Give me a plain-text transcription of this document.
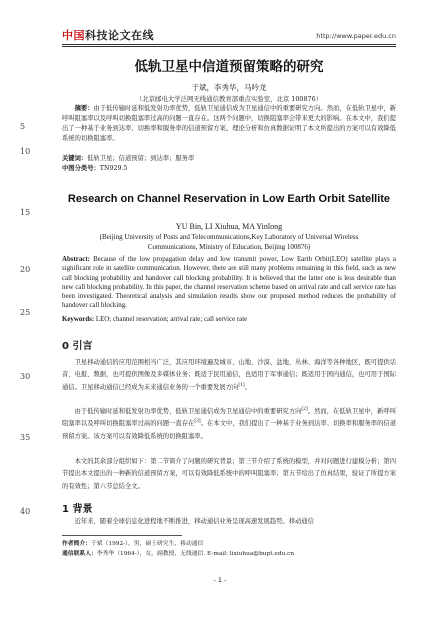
中国科技论文在线	http://www.paper.edu.cn
5
10
15
20
25
30
35
40
低轨卫星中信道预留策略的研究
于斌，李秀华，马吟龙
（北京邮电大学泛网无线通信教育部重点实验室，北京 100876）
摘要：由于低传输时延和低发射功率优势，低轨卫星通信成为卫星通信中的重要研究方向。然而，在低轨卫星中，新呼叫阻塞率以及呼叫切换阻塞率过高的问题一直存在。这两个问题中，切换阻塞率会带来更大的影响。在本文中，我们提出了一种基于业务到达率、切换率和服务率的信道预留方案。理论分析和仿真数据证明了本文所提出的方案可以有效降低系统的切换阻塞率。
关键词：低轨卫星；信道预留；到达率；服务率
中图分类号：TN929.5
Research on Channel Reservation in Low Earth Orbit Satellite
YU Bin, LI Xiuhua, MA Yinlong
(Beijing University of Posts and Telecommunications,Key Laboratory of Universal Wireless Communications, Ministry of Education, Beijing 100876)
Abstract: Because of the low propagation delay and low transmit power, Low Earth Orbit(LEO) satellite plays a significant role in satellite communication. However, there are still many problems remaining in this field, such as new call blocking probability and handover call blocking probability. It is believed that the latter one is less desirable than new call blocking probability. In this paper, the channel reservation scheme based on arrival rate and call service rate has been investigated. Theoretical analysis and simulation results show our proposed method reduces the probability of handover call blocking.
Keywords: LEO; channel reservation; arrival rate; call service rate
0 引言
卫星移动通信的应用范围相当广泛，其应用环境遍及城市、山地、沙漠、盆地、丛林、海洋等各种地区，既可提供话音、电报、数据，也可提供图像及多媒体业务；既适于民用通信，也适用于军事通信；既适用于国内通信，也可用于国际通信。卫星移动通信已经成为未来通信业务的一个重要发展方向[1]。
由于低传输时延和低发射功率优势，低轨卫星通信成为卫星通信中的重要研究方向[2]。然而，在低轨卫星中，新呼叫阻塞率以及呼叫切换阻塞率过高的问题一直存在[3]。在本文中，我们提出了一种基于业务到达率、切换率和服务率的信道预留方案。该方案可以有效降低系统的切换阻塞率。
本文的其余部分组织如下：第二节简介了问题的研究背景；第三节介绍了系统的模型，并对问题进行建模分析；第四节提出本文提出的一种新的信道预留方案，可以有效降低系统中的呼叫阻塞率；第五节给出了仿真结果，验证了所提方案的有效性；第六节总结全文。
1 背景
近年来，随着全球信息化进程地不断推进，移动通信业务呈现高速发展趋势。移动通信
作者简介：于斌（1992-），男，硕士研究生，移动通信
通信联系人：李秀华（1964-），女，副教授，无线通信. E-mail: lixiuhua@bupt.edu.cn
- 1 -
